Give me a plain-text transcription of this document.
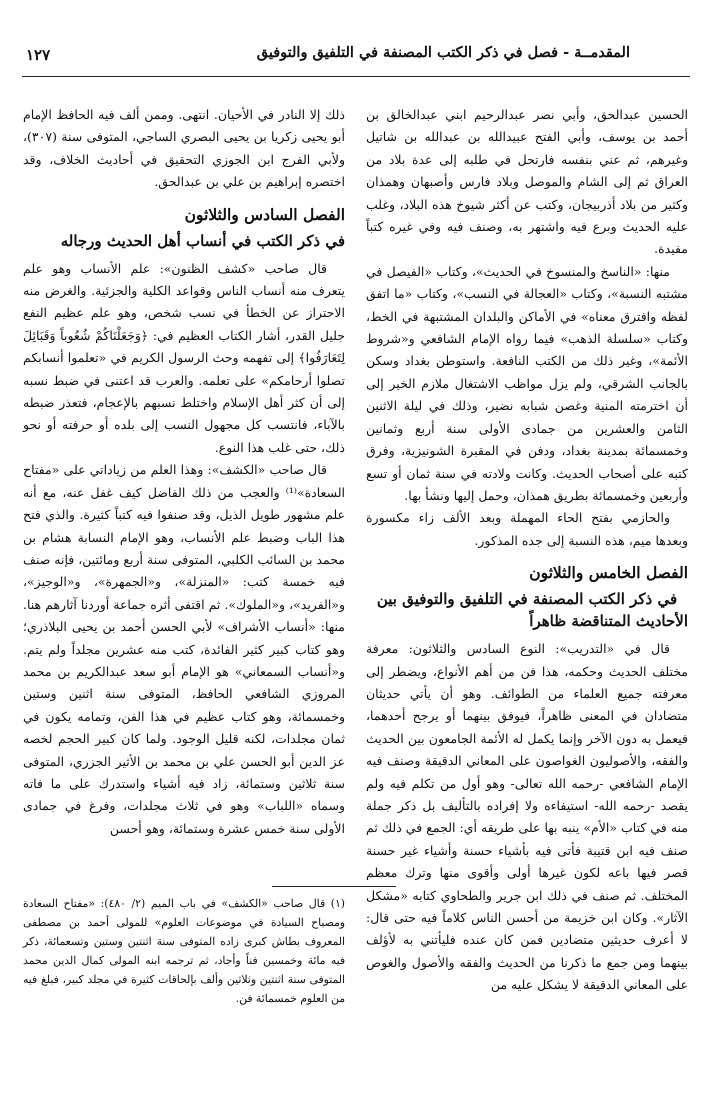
المقدمــة - فصل في ذكر الكتب المصنفة في التلفيق والتوفيق
١٢٧

الحسين عبدالحق، وأبي نصر عبدالرحيم ابني عبدالخالق بن أحمد بن يوسف، وأبي الفتح عبيدالله بن عبدالله بن شاتيل وغيرهم، ثم عني بنفسه فارتحل في طلبه إلى عدة بلاد من العراق ثم إلى الشام والموصل وبلاد فارس وأصبهان وهمذان وكثير من بلاد أذربيجان، وكتب عن أكثر شيوخ هذه البلاد، وغلب عليه الحديث وبرع فيه واشتهر به، وصنف فيه وفي غيره كتباً مفيدة.

منها: «الناسخ والمنسوخ في الحديث»، وكتاب «الفيصل في مشتبه النسبة»، وكتاب «العجالة في النسب»، وكتاب «ما اتفق لفظه وافترق معناه» في الأماكن والبلدان المشتبهة في الخط، وكتاب «سلسلة الذهب» فيما رواه الإمام الشافعي و«شروط الأئمة»، وغير ذلك من الكتب النافعة. واستوطن بغداد وسكن بالجانب الشرقي، ولم يزل مواظب الاشتغال ملازم الخير إلى أن اخترمته المنية وغصن شبابه نضير، وذلك في ليلة الاثنين الثامن والعشرين من جمادى الأولى سنة أربع وثمانين وخمسمائة بمدينة بغداد، ودفن في المقبرة الشونيزية، وفرق كتبه على أصحاب الحديث. وكانت ولادته في سنة ثمان أو تسع وأربعين وخمسمائة بطريق همذان، وحمل إليها ونشأ بها.

والحازمي بفتح الحاء المهملة وبعد الألف زاء مكسورة وبعدها ميم، هذه النسبة إلى جده المذكور.

الفصل الخامس والثلاثون
في ذكر الكتب المصنفة في التلفيق والتوفيق بين الأحاديث المتناقضة ظاهراً

قال في «التدريب»: النوع السادس والثلاثون: معرفة مختلف الحديث وحكمه، هذا فن من أهم الأنواع، ويضطر إلى معرفته جميع العلماء من الطوائف. وهو أن يأتي حديثان متضادان في المعنى ظاهراً، فيوفق بينهما أو يرجح أحدهما، فيعمل به دون الآخر وإنما يكمل له الأئمة الجامعون بين الحديث والفقه، والأصوليون الغواصون على المعاني الدقيقة وصنف فيه الإمام الشافعي -رحمه الله تعالى- وهو أول من تكلم فيه ولم يقصد -رحمه الله- استيفاءه ولا إفراده بالتأليف بل ذكر جملة منه في كتاب «الأم» ينبه بها على طريقه أي: الجمع في ذلك ثم صنف فيه ابن قتيبة فأتى فيه بأشياء حسنة وأشياء غير حسنة قصر فيها باعه لكون غيرها أولى وأقوى منها وترك معظم المختلف. ثم صنف في ذلك ابن جرير والطحاوي كتابه «مشكل الآثار». وكان ابن خزيمة من أحسن الناس كلاماً فيه حتى قال: لا أعرف حديثين متضادين فمن كان عنده فليأتني به لأؤلف بينهما ومن جمع ما ذكرنا من الحديث والفقه والأصول والغوص على المعاني الدقيقة لا يشكل عليه من

ذلك إلا النادر في الأحيان. انتهى. وممن ألف فيه الحافظ الإمام أبو يحيى زكريا بن يحيى البصري الساجي، المتوفى سنة (٣٠٧)، ولأبي الفرج ابن الجوزي التحقيق في أحاديث الخلاف، وقد اختصره إبراهيم بن علي بن عبدالحق.

الفصل السادس والثلاثون
في ذكر الكتب في أنساب أهل الحديث ورجاله

قال صاحب «كشف الظنون»: علم الأنساب وهو علم يتعرف منه أنساب الناس وقواعد الكلية والجزئية. والغرض منه الاحتراز عن الخطأ في نسب شخص، وهو علم عظيم النفع جليل القدر، أشار الكتاب العظيم في: ﴿وَجَعَلْنَاكُمْ شُعُوباً وَقَبَائِلَ لِتَعَارَفُوا﴾ إلى تفهمه وحث الرسول الكريم في «تعلموا أنسابكم تصلوا أرحامكم» على تعلمه. والعرب قد اعتنى في ضبط نسبه إلى أن كثر أهل الإسلام واختلط نسبهم بالإعجام، فتعذر ضبطه بالآباء، فانتسب كل مجهول النسب إلى بلده أو حرفته أو نحو ذلك، حتى غلب هذا النوع.

قال صاحب «الكشف»: وهذا العلم من زياداتي على «مفتاح السعادة»⁽¹⁾ والعجب من ذلك الفاضل كيف غفل عنه، مع أنه علم مشهور طويل الذيل، وقد صنفوا فيه كتباً كثيرة. والذي فتح هذا الباب وضبط علم الأنساب، وهو الإمام النسابة هشام بن محمد بن السائب الكلبي، المتوفى سنة أربع ومائتين، فإنه صنف فيه خمسة كتب: «المنزلة»، و«الجمهرة»، و«الوجيز»، و«الفريد»، و«الملوك». ثم اقتفى أثره جماعة أوردنا آثارهم هنا. منها: «أنساب الأشراف» لأبي الحسن أحمد بن يحيى البلاذري؛ وهو كتاب كبير كثير الفائدة، كتب منه عشرين مجلداً ولم يتم. و«أنساب السمعاني» هو الإمام أبو سعد عبدالكريم بن محمد المروزي الشافعي الحافظ، المتوفى سنة اثنين وستين وخمسمائة، وهو كتاب عظيم في هذا الفن، وتمامه يكون في ثمان مجلدات، لكنه قليل الوجود. ولما كان كبير الحجم لخصه عز الدين أبو الحسن علي بن محمد بن الأثير الجزري، المتوفى سنة ثلاثين وستمائة، زاد فيه أشياء واستدرك على ما فاته وسماه «اللباب» وهو في ثلاث مجلدات، وفرغ في جمادى الأولى سنة خمس عشرة وستمائة، وهو أحسن

(١) قال صاحب «الكشف» في باب الميم (٢/ ٤٨٠): «مفتاح السعادة ومصباح السيادة في موضوعات العلوم» للمولى أحمد بن مصطفى المعروف بطاش كبرى زاده المتوفى سنة اثنتين وستين وتسعمائة، ذكر فيه مائة وخمسين فناً وأجاد، ثم ترجمه ابنه المولى كمال الدين محمد المتوفى سنة اثنتين وثلاثين وألف بإلحاقات كثيرة في مجلد كبير، فبلغ فيه من العلوم خمسمائة فن.
